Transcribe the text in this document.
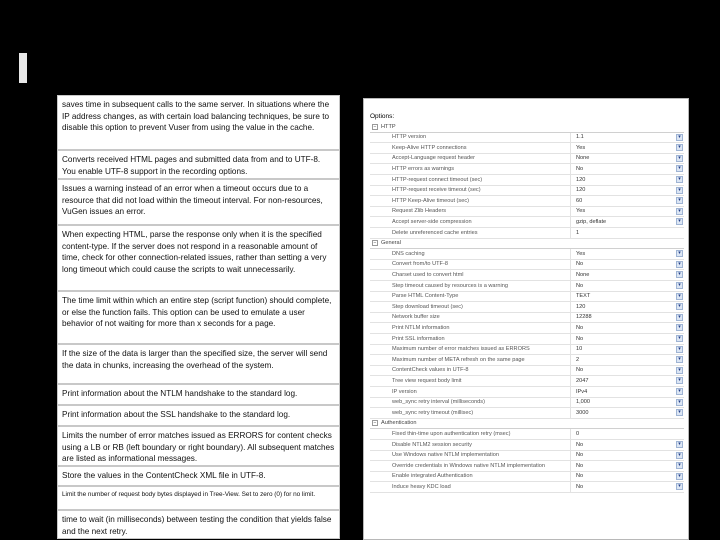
saves time in subsequent calls to the same server. In situations where the IP address changes, as with certain load balancing techniques, be sure to disable this option to prevent Vuser from using the value in the cache.
Converts received HTML pages and submitted data from and to UTF-8. You enable UTF-8 support in the recording options.
Issues a warning instead of an error when a timeout occurs due to a resource that did not load within the timeout interval. For non-resources, VuGen issues an error.
When expecting HTML, parse the response only when it is the specified content-type. If the server does not respond in a reasonable amount of time, check for other connection-related issues, rather than setting a very long timeout which could cause the scripts to wait unnecessarily.
The time limit within which an entire step (script function) should complete, or else the function fails. This option can be used to emulate a user behavior of not waiting for more than x seconds for a page.
If the size of the data is larger than the specified size, the server will send the data in chunks, increasing the overhead of the system.
Print information about the NTLM handshake to the standard log.
Print information about the SSL handshake to the standard log.
Limits the number of error matches issued as ERRORS for content checks using a LB or RB (left boundary or right boundary). All subsequent matches are listed as informational messages.
Store the values in the ContentCheck XML file in UTF-8.
Limit the number of request body bytes displayed in Tree-View. Set to zero (0) for no limit.
time to wait (in milliseconds) between testing the condition that yields false and the next retry.
Options:
− HTTP
HTTP version	1.1	▾
Keep-Alive HTTP connections	Yes	▾
Accept-Language request header	None	▾
HTTP errors as warnings	No	▾
HTTP-request connect timeout (sec)	120	▾
HTTP-request receive timeout (sec)	120	▾
HTTP Keep-Alive timeout (sec)	60	▾
Request Zlib Headers	Yes	▾
Accept server-side compression	gzip, deflate	▾
Delete unreferenced cache entries	1
− General
DNS caching	Yes	▾
Convert from/to UTF-8	No	▾
Charset used to convert html	None	▾
Step timeout caused by resources is a warning	No	▾
Parse HTML Content-Type	TEXT	▾
Step download timeout (sec)	120	▾
Network buffer size	12288	▾
Print NTLM information	No	▾
Print SSL information	No	▾
Maximum number of error matches issued as ERRORS	10	▾
Maximum number of META refresh on the same page	2	▾
ContentCheck values in UTF-8	No	▾
Tree view request body limit	2047	▾
IP version	IPv4	▾
web_sync retry interval (milliseconds)	1,000	▾
web_sync retry timeout (millisec)	3000	▾
− Authentication
Fixed thin-time upon authentication retry (msec)	0
Disable NTLM2 session security	No	▾
Use Windows native NTLM implementation	No	▾
Override credentials in Windows native NTLM implementation	No	▾
Enable integrated Authentication	No	▾
Induce heavy KDC load	No	▾
